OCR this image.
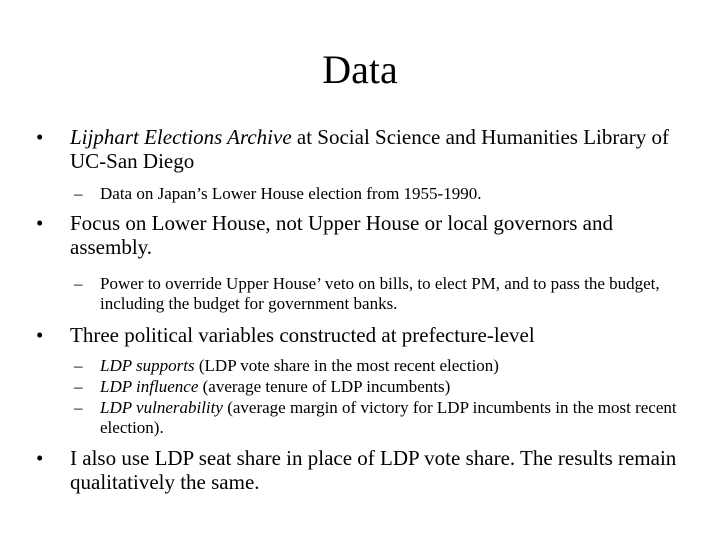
Data
•	Lijphart Elections Archive at Social Science and Humanities Library of UC-San Diego
– Data on Japan’s Lower House election from 1955-1990.
•	Focus on Lower House, not Upper House or local governors and assembly.
– Power to override Upper House’ veto on bills, to elect PM, and to pass the budget, including the budget for government banks.
•	Three political variables constructed at prefecture-level
– LDP supports (LDP vote share in the most recent election)
– LDP influence (average tenure of LDP incumbents)
– LDP vulnerability (average margin of victory for LDP incumbents in the most recent election).
•	I also use LDP seat share in place of LDP vote share. The results remain qualitatively the same.
